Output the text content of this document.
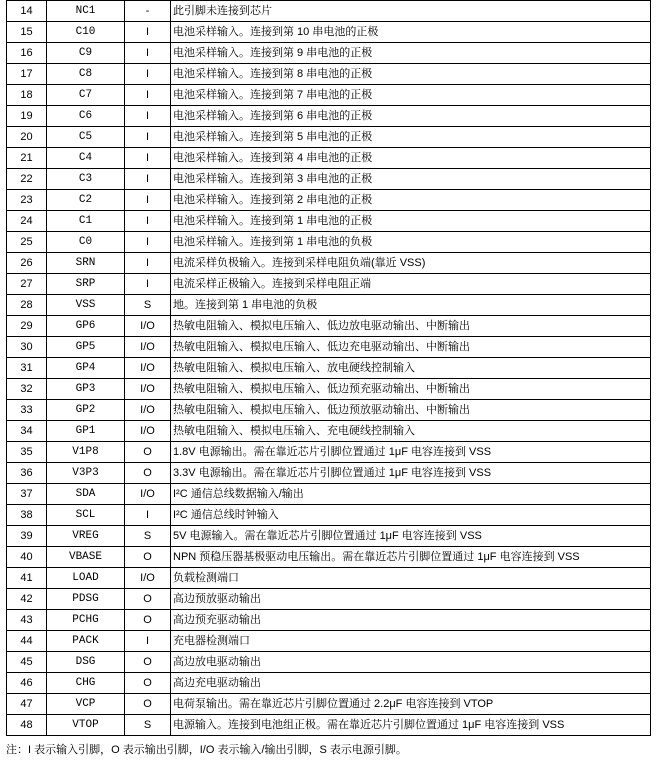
14	NC1	-	此引脚未连接到芯片
15	C10	I	电池采样输入。连接到第 10 串电池的正极
16	C9	I	电池采样输入。连接到第 9 串电池的正极
17	C8	I	电池采样输入。连接到第 8 串电池的正极
18	C7	I	电池采样输入。连接到第 7 串电池的正极
19	C6	I	电池采样输入。连接到第 6 串电池的正极
20	C5	I	电池采样输入。连接到第 5 串电池的正极
21	C4	I	电池采样输入。连接到第 4 串电池的正极
22	C3	I	电池采样输入。连接到第 3 串电池的正极
23	C2	I	电池采样输入。连接到第 2 串电池的正极
24	C1	I	电池采样输入。连接到第 1 串电池的正极
25	C0	I	电池采样输入。连接到第 1 串电池的负极
26	SRN	I	电流采样负极输入。连接到采样电阻负端(靠近 VSS)
27	SRP	I	电流采样正极输入。连接到采样电阻正端
28	VSS	S	地。连接到第 1 串电池的负极
29	GP6	I/O	热敏电阻输入、模拟电压输入、低边放电驱动输出、中断输出
30	GP5	I/O	热敏电阻输入、模拟电压输入、低边充电驱动输出、中断输出
31	GP4	I/O	热敏电阻输入、模拟电压输入、放电硬线控制输入
32	GP3	I/O	热敏电阻输入、模拟电压输入、低边预充驱动输出、中断输出
33	GP2	I/O	热敏电阻输入、模拟电压输入、低边预放驱动输出、中断输出
34	GP1	I/O	热敏电阻输入、模拟电压输入、充电硬线控制输入
35	V1P8	O	1.8V 电源输出。需在靠近芯片引脚位置通过 1μF 电容连接到 VSS
36	V3P3	O	3.3V 电源输出。需在靠近芯片引脚位置通过 1μF 电容连接到 VSS
37	SDA	I/O	I²C 通信总线数据输入/输出
38	SCL	I	I²C 通信总线时钟输入
39	VREG	S	5V 电源输入。需在靠近芯片引脚位置通过 1μF 电容连接到 VSS
40	VBASE	O	NPN 预稳压器基极驱动电压输出。需在靠近芯片引脚位置通过 1μF 电容连接到 VSS
41	LOAD	I/O	负载检测端口
42	PDSG	O	高边预放驱动输出
43	PCHG	O	高边预充驱动输出
44	PACK	I	充电器检测端口
45	DSG	O	高边放电驱动输出
46	CHG	O	高边充电驱动输出
47	VCP	O	电荷泵输出。需在靠近芯片引脚位置通过 2.2μF 电容连接到 VTOP
48	VTOP	S	电源输入。连接到电池组正极。需在靠近芯片引脚位置通过 1μF 电容连接到 VSS
注：I 表示输入引脚，O 表示输出引脚，I/O 表示输入/输出引脚，S 表示电源引脚。
